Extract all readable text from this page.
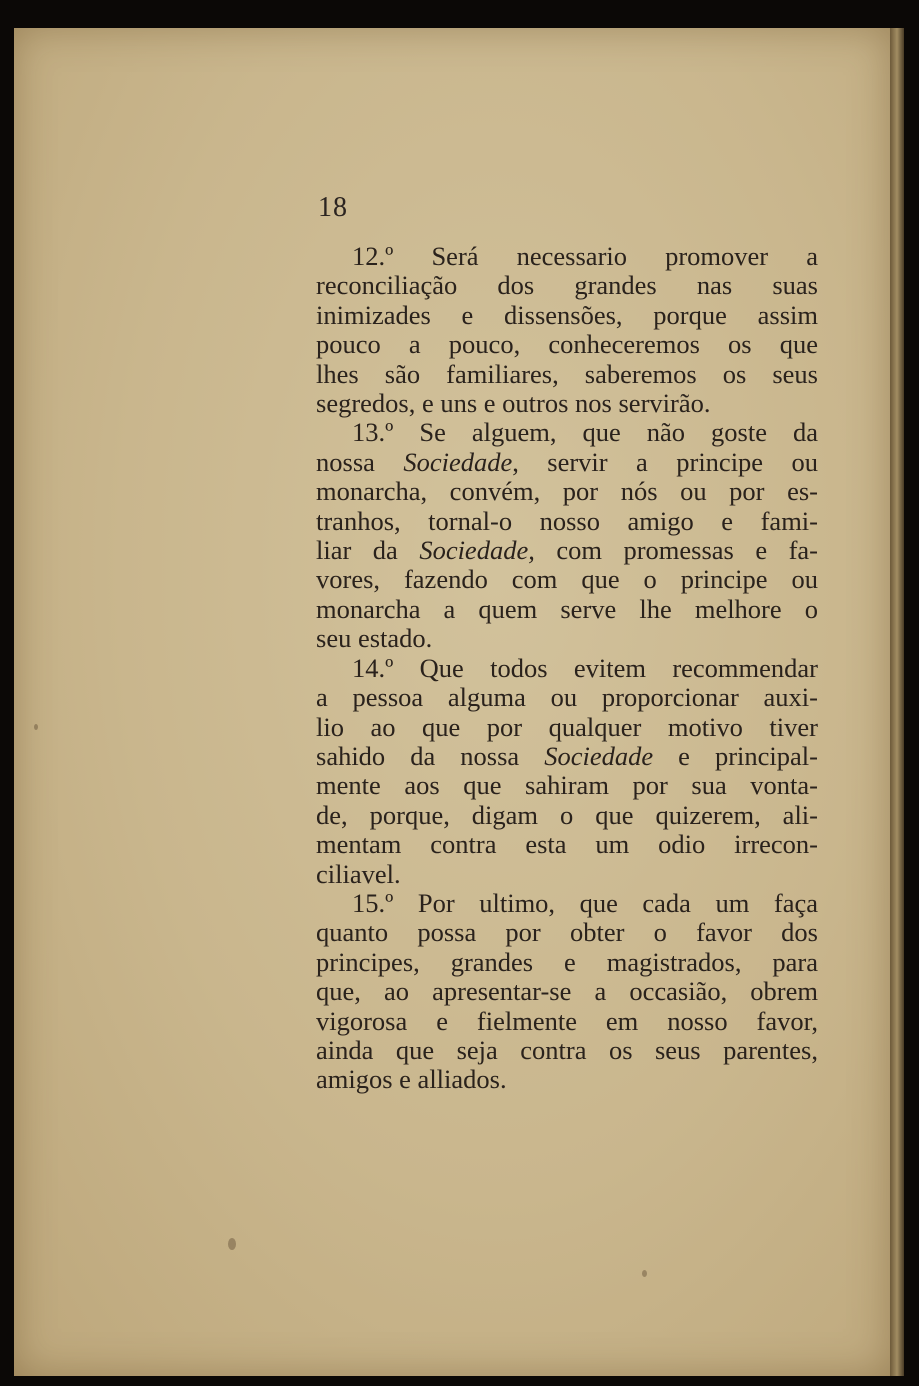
18
12.º Será necessario promover a
reconciliação dos grandes nas suas
inimizades e dissensões, porque assim
pouco a pouco, conheceremos os que
lhes são familiares, saberemos os seus
segredos, e uns e outros nos servirão.
13.º Se alguem, que não goste da
nossa Sociedade, servir a principe ou
monarcha, convém, por nós ou por es-
tranhos, tornal-o nosso amigo e fami-
liar da Sociedade, com promessas e fa-
vores, fazendo com que o principe ou
monarcha a quem serve lhe melhore o
seu estado.
14.º Que todos evitem recommendar
a pessoa alguma ou proporcionar auxi-
lio ao que por qualquer motivo tiver
sahido da nossa Sociedade e principal-
mente aos que sahiram por sua vonta-
de, porque, digam o que quizerem, ali-
mentam contra esta um odio irrecon-
ciliavel.
15.º Por ultimo, que cada um faça
quanto possa por obter o favor dos
principes, grandes e magistrados, para
que, ao apresentar-se a occasião, obrem
vigorosa e fielmente em nosso favor,
ainda que seja contra os seus parentes,
amigos e alliados.
